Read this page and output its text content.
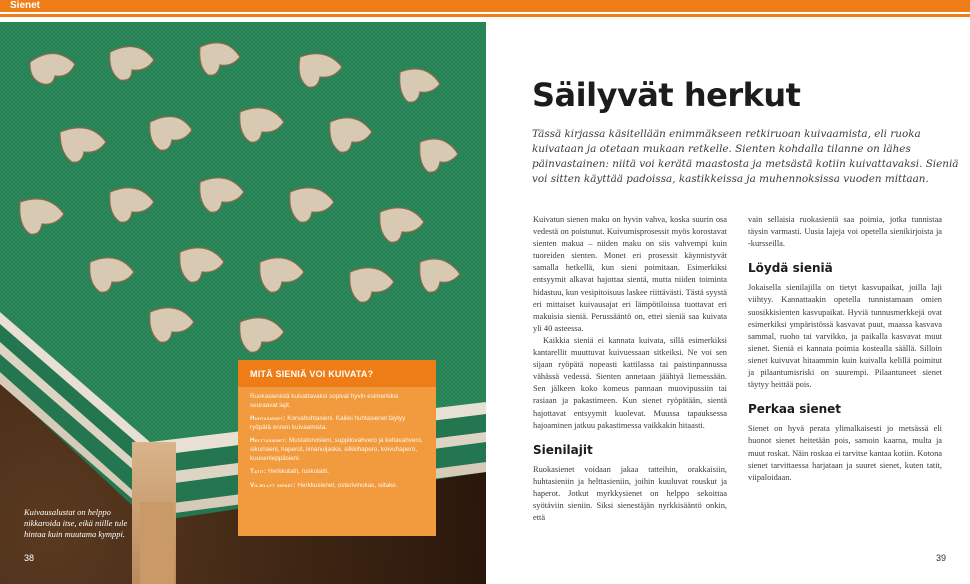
Sienet
Kuivausalustat on helppo nikkaroida itse, eikä niille tule hintaa kuin muutama kymppi.
38
MITÄ SIENIÄ VOI KUIVATA?

Ruokasienistä kuivattavaksi sopivat hyvin esimerkiksi seuraavat lajit.

Huhtasienet: Korvahuhtasieni. Kaikki huhtasienet täytyy ryöpätä ennen kuivaamista.

Helttasienet: Mustatorvisieni, suppilovahvero ja keltavahvero, sikurisieni, haperot, limanuljaska, silkkihapero, koivuhapero, kuusenleppäsieni.

Tatit: Herkkutatit, ruskotatti.

Viljellyt sienet: Herkkusienet, osterivinokas, siitake.

Säilyvät herkut

Tässä kirjassa käsitellään enimmäkseen retkiruoan kuivaamista, eli ruoka kuivataan ja otetaan mukaan retkelle. Sienten kohdalla tilanne on lähes päinvastainen: niitä voi kerätä maastosta ja metsästä kotiin kuivattavaksi. Sieniä voi sitten käyttää padoissa, kastikkeissa ja muhennoksissa vuoden mittaan.

Kuivatun sienen maku on hyvin vahva, koska suurin osa vedestä on poistunut. Kuivumisprosessit myös korostavat sienten makua – niiden maku on siis vahvempi kuin tuoreiden sienten. Monet eri prosessit käynnistyvät samalla hetkellä, kun sieni poimitaan. Esimerkiksi entsyymit alkavat hajottaa sientä, mutta niiden toiminta hidastuu, kun vesipitoisuus laskee riittävästi. Tästä syystä eri mittaiset kuivausajat eri lämpötiloissa tuottavat eri makuisia sieniä. Perussääntö on, ettei sieniä saa kuivata yli 40 asteessa.

Kaikkia sieniä ei kannata kuivata, sillä esimerkiksi kantarellit muuttuvat kuivuessaan sitkeiksi. Ne voi sen sijaan ryöpätä nopeasti kattilassa tai paistinpannussa vähässä vedessä. Sienten annetaan jäähtyä liemessään. Sen jälkeen koko komeus pannaan muovipussiin tai rasiaan ja pakastimeen. Kun sienet ryöpätään, sientä hajottavat entsyymit kuolevat. Muussa tapauksessa hajoaminen jatkuu pakastimessa vaikkakin hitaasti.

Sienilajit

Ruokasienet voidaan jakaa tatteihin, orakkaisiin, huhtasieniin ja helttasieniin, joihin kuuluvat rouskut ja haperot. Jotkut myrkkysienet on helppo sekoittaa syötäviin sieniin. Siksi sienestäjän nyrkkisääntö onkin, että

vain sellaisia ruokasieniä saa poimia, jotka tunnistaa täysin varmasti. Uusia lajeja voi opetella sienikirjoista ja -kursseilla.

Löydä sieniä

Jokaisella sienilajilla on tietyt kasvupaikat, joilla laji viihtyy. Kannattaakin opetella tunnistamaan omien suosikkisienten kasvupaikat. Hyviä tunnusmerkkejä ovat esimerkiksi ympäristössä kasvavat puut, maassa kasvava sammal, ruoho tai varvikko, ja paikalla kasvavat muut sienet. Sieniä ei kannata poimia kostealla säällä. Silloin sienet kuivuvat hitaammin kuin kuivalla kelillä poimitut ja pilaantumisriski on suurempi. Pilaantuneet sienet täytyy heittää pois.

Perkaa sienet

Sienet on hyvä perata ylimalkaisesti jo metsässä eli huonot sienet heitetään pois, samoin kaarna, multa ja muut roskat. Näin roskaa ei tarvitse kantaa kotiin. Kotona sienet tarvittaessa harjataan ja suuret sienet, kuten tatit, viipaloidaan.

39
